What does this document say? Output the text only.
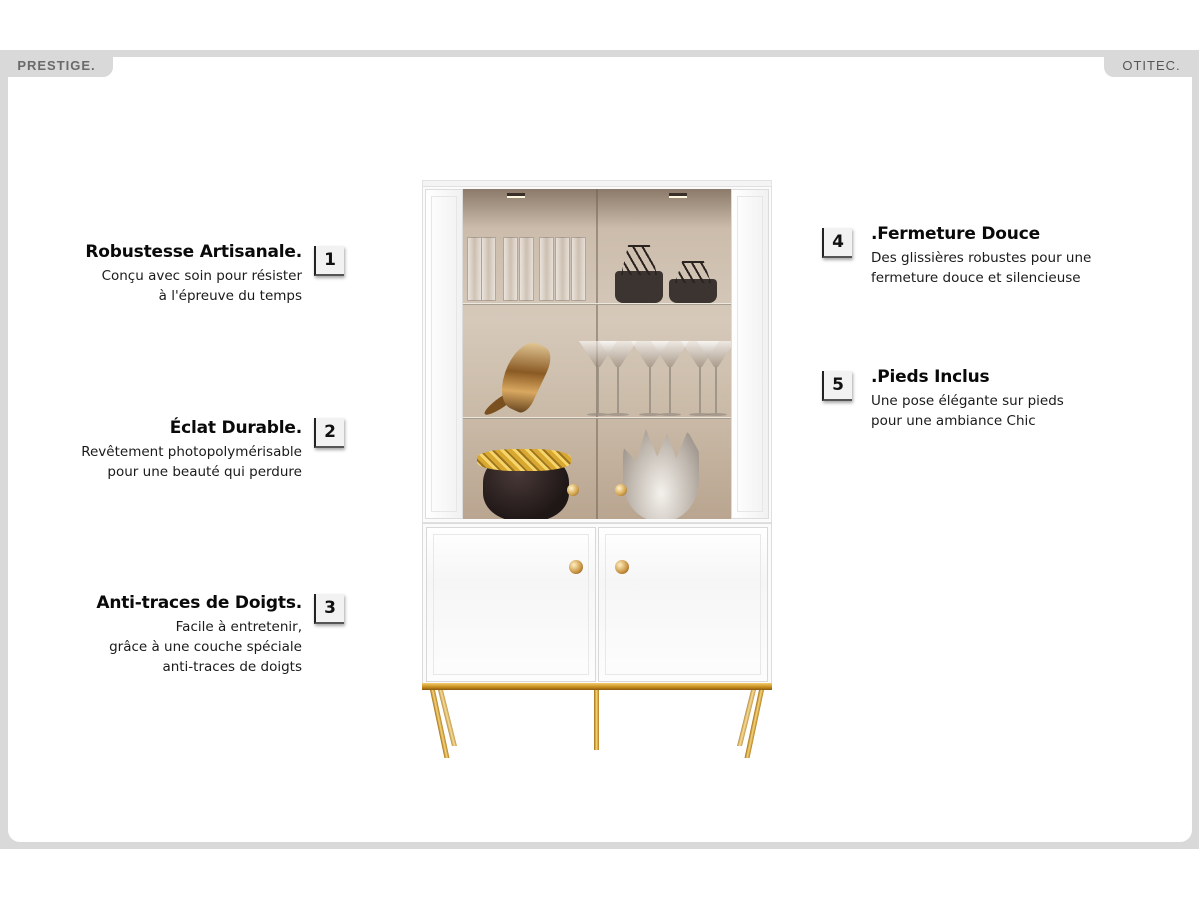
PRESTIGE.	OTITEC.
Robustesse Artisanale.
Conçu avec soin pour résister
à l'épreuve du temps
1
Éclat Durable.
Revêtement photopolymérisable
pour une beauté qui perdure
2
Anti-traces de Doigts.
Facile à entretenir,
grâce à une couche spéciale
anti-traces de doigts
3
4 .Fermeture Douce
Des glissières robustes pour une
fermeture douce et silencieuse
5 .Pieds Inclus
Une pose élégante sur pieds
pour une ambiance Chic
